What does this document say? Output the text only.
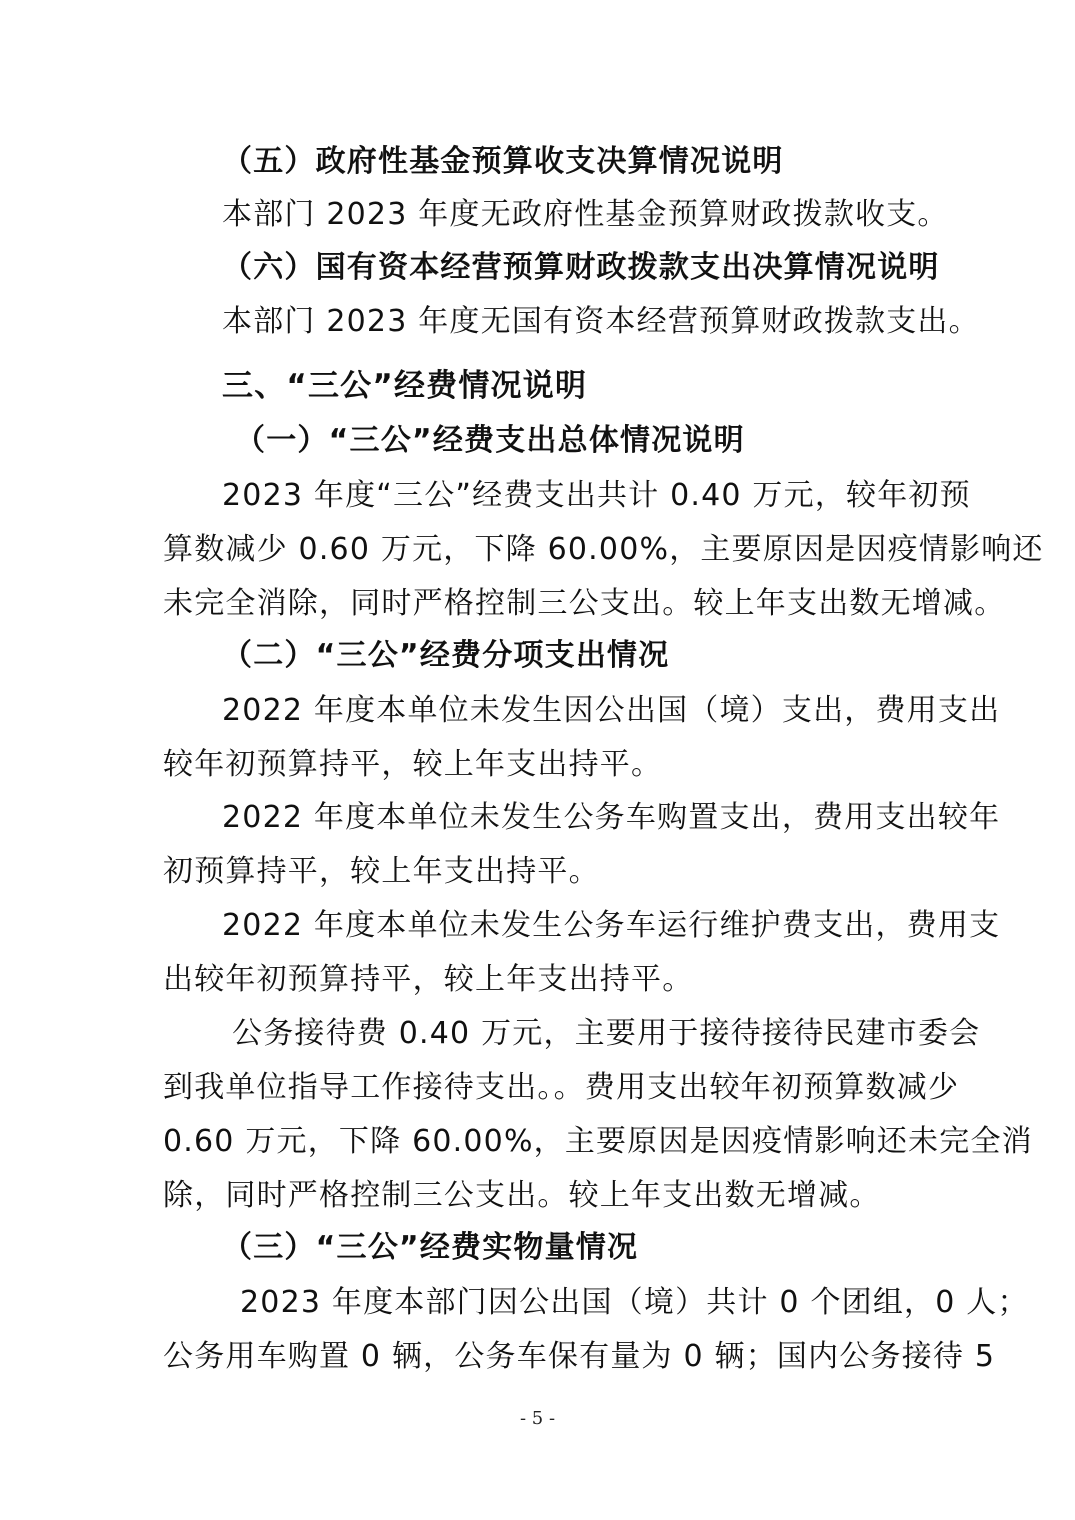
（五）政府性基金预算收支决算情况说明
本部门 2023 年度无政府性基金预算财政拨款收支。
（六）国有资本经营预算财政拨款支出决算情况说明
本部门 2023 年度无国有资本经营预算财政拨款支出。
三、“三公”经费情况说明
（一）“三公”经费支出总体情况说明
2023 年度“三公”经费支出共计 0.40 万元，较年初预
算数减少 0.60 万元，下降 60.00%，主要原因是因疫情影响还
未完全消除，同时严格控制三公支出。较上年支出数无增减。
（二）“三公”经费分项支出情况
2022 年度本单位未发生因公出国（境）支出，费用支出
较年初预算持平，较上年支出持平。
2022 年度本单位未发生公务车购置支出，费用支出较年
初预算持平，较上年支出持平。
2022 年度本单位未发生公务车运行维护费支出，费用支
出较年初预算持平，较上年支出持平。
公务接待费 0.40 万元，主要用于接待接待民建市委会
到我单位指导工作接待支出。。费用支出较年初预算数减少
0.60 万元，下降 60.00%，主要原因是因疫情影响还未完全消
除，同时严格控制三公支出。较上年支出数无增减。
（三）“三公”经费实物量情况
2023 年度本部门因公出国（境）共计 0 个团组，0 人；
公务用车购置 0 辆，公务车保有量为 0 辆；国内公务接待 5
- 5 -
